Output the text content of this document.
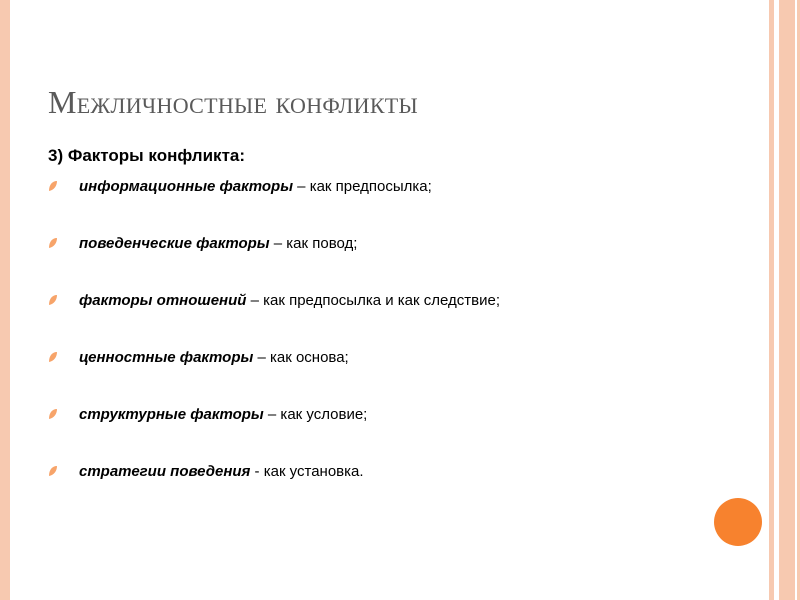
Межличностные конфликты
3) Факторы конфликта:
информационные факторы – как предпосылка;
поведенческие факторы – как повод;
факторы отношений – как предпосылка и как следствие;
ценностные факторы – как основа;
структурные факторы – как условие;
стратегии поведения - как установка.
